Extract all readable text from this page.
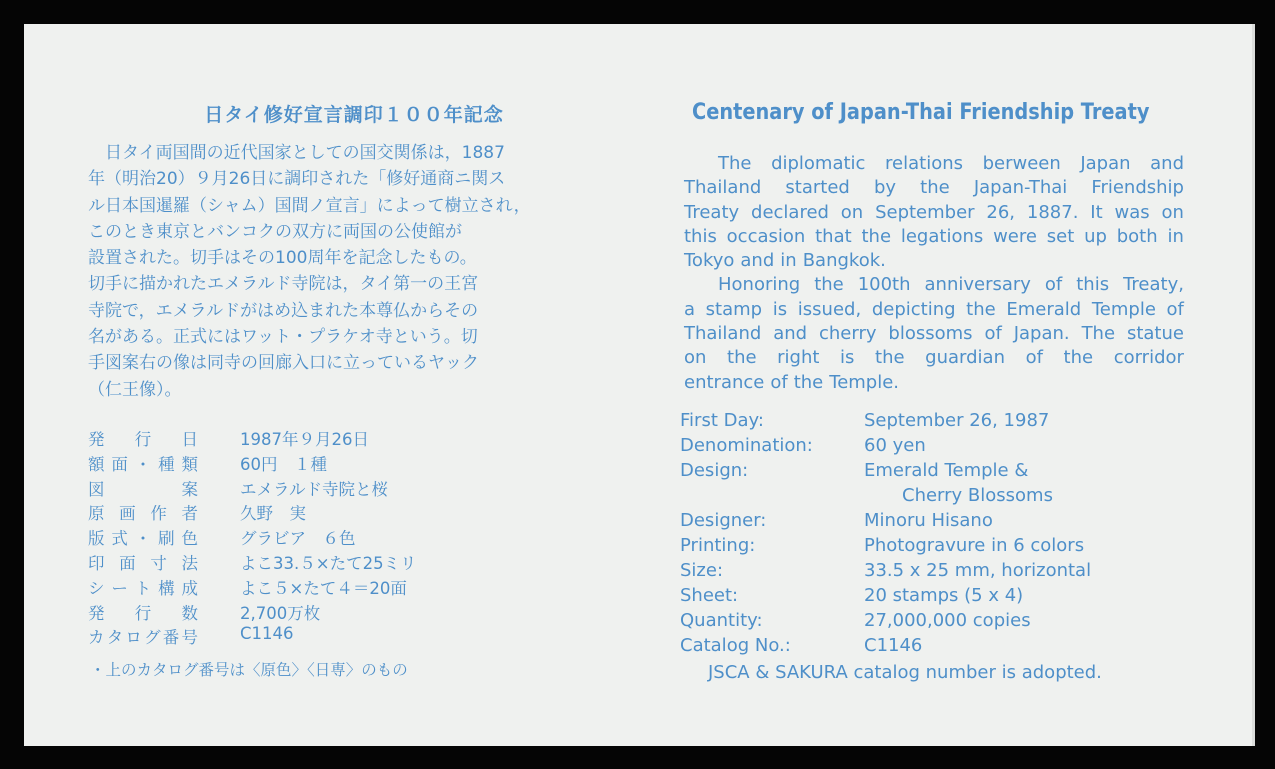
日タイ修好宣言調印１００年記念

　日タイ両国間の近代国家としての国交関係は，1887

年（明治20）９月26日に調印された「修好通商ニ関ス

ル日本国暹羅（シャム）国間ノ宣言」によって樹立され，

このとき東京とバンコクの双方に両国の公使館が

設置された。切手はその100周年を記念したもの。

切手に描かれたエメラルド寺院は，タイ第一の王宮

寺院で，エメラルドがはめ込まれた本尊仏からその

名がある。正式にはワット・プラケオ寺という。切

手図案右の像は同寺の回廊入口に立っているヤック

（仁王像）。

発行日	1987年９月26日
額面・種類	60円　１種
図案	エメラルド寺院と桜
原画作者	久野　実
版式・刷色	グラビア　６色
印面寸法	よこ33.５×たて25ミリ
シート構成	よこ５×たて４＝20面
発行数	2,700万枚
カタログ番号	C1146
・上のカタログ番号は〈原色〉〈日専〉のもの
Centenary of Japan-Thai Friendship Treaty
The diplomatic relations berween Japan and
Thailand started by the Japan-Thai Friendship
Treaty declared on September 26, 1887. It was on
this occasion that the legations were set up both in
Tokyo and in Bangkok.
Honoring the 100th anniversary of this Treaty,
a stamp is issued, depicting the Emerald Temple of
Thailand and cherry blossoms of Japan. The statue
on the right is the guardian of the corridor
entrance of the Temple.
First Day:	September 26, 1987
Denomination:	60 yen
Design:	Emerald Temple &
Cherry Blossoms
Designer:	Minoru Hisano
Printing:	Photogravure in 6 colors
Size:	33.5 x 25 mm, horizontal
Sheet:	20 stamps (5 x 4)
Quantity:	27,000,000 copies
Catalog No.:	C1146
JSCA & SAKURA catalog number is adopted.
